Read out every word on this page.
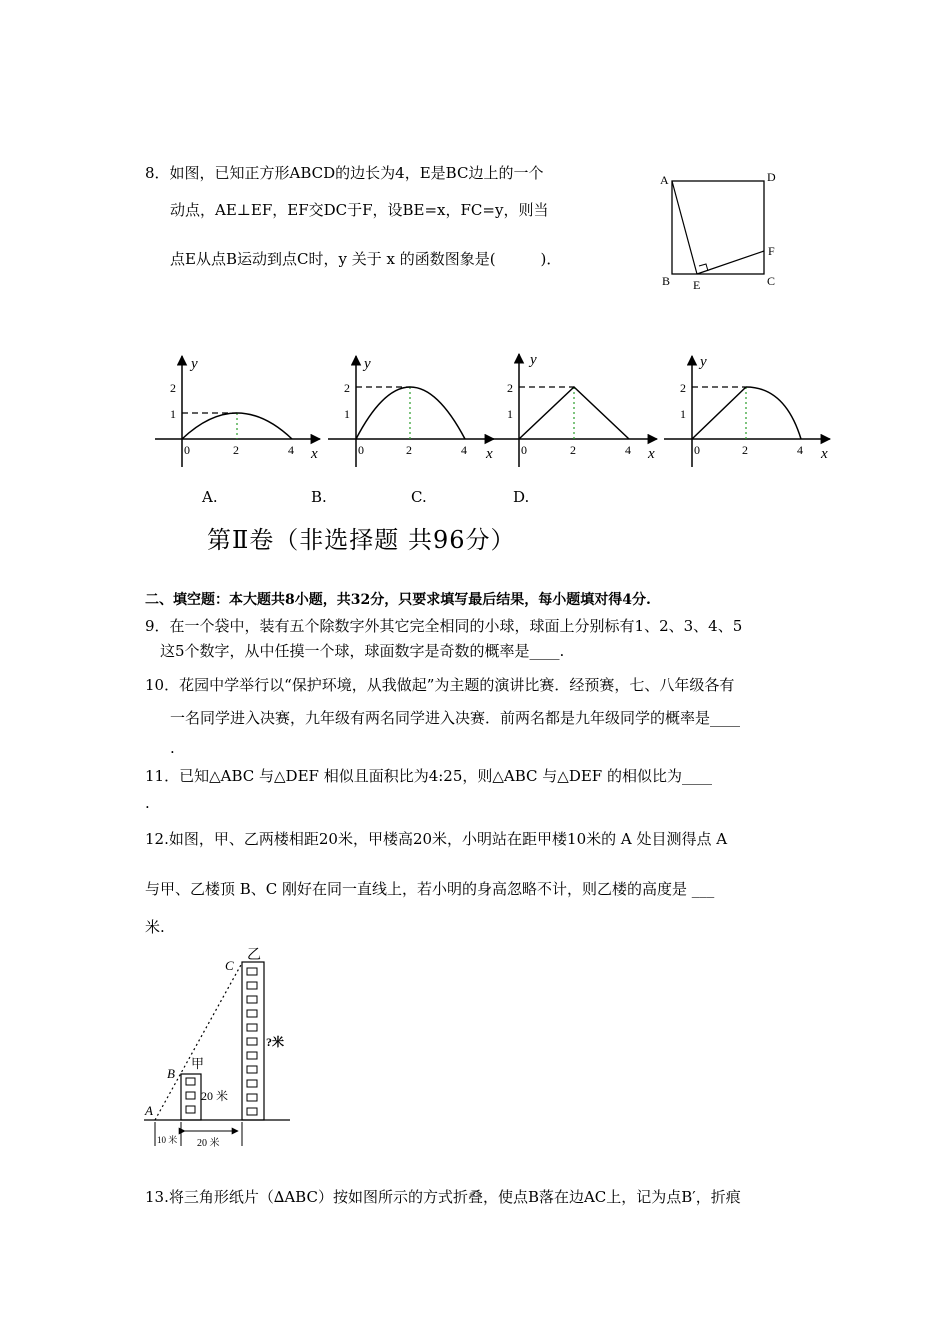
8．如图，已知正方形ABCD的边长为4，E是BC边上的一个
动点，AE⊥EF，EF交DC于F，设BE=x，FC=y，则当
点E从点B运动到点C时，y 关于 x 的函数图象是(　　　)．
A	D
B E	C
F
y
1
2
0	2	4 x
y
1
2
0	2	4 x
y
1
2
0	2	4 x
y
1
2
0	2	4 x
A.	B.	C.	D.
第Ⅱ卷（非选择题 共96分）
二、填空题：本大题共8小题，共32分，只要求填写最后结果，每小题填对得4分.
9．在一个袋中，装有五个除数字外其它完全相同的小球，球面上分别标有1、2、3、4、5
这5个数字，从中任摸一个球，球面数字是奇数的概率是____.
10．花园中学举行以“保护环境，从我做起”为主题的演讲比赛．经预赛，七、八年级各有
一名同学进入决赛，九年级有两名同学进入决赛．前两名都是九年级同学的概率是____
.
11．已知△ABC 与△DEF 相似且面积比为4:25，则△ABC 与△DEF 的相似比为____
.
12.如图，甲、乙两楼相距20米，甲楼高20米，小明站在距甲楼10米的 A 处目测得点 A
与甲、乙楼顶 B、C 刚好在同一直线上，若小明的身高忽略不计，则乙楼的高度是 ___
米.
乙
甲
C
B
A
20 米
?米
10 米 20 米
13.将三角形纸片（∆ABC）按如图所示的方式折叠，使点B落在边AC上，记为点B′，折痕
